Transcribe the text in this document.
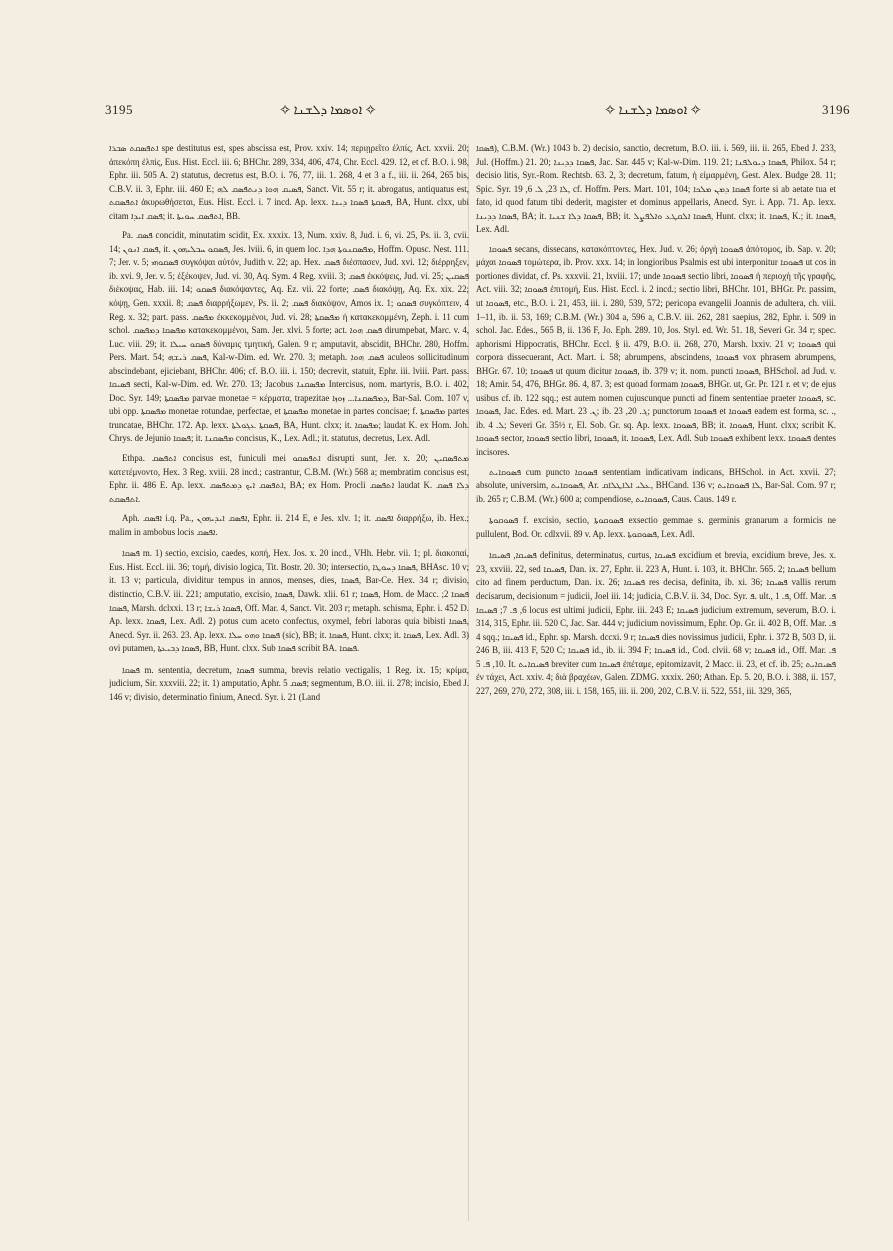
3195	✧ ܐܘܣܡܐ ܕܠܫܢܐ ✧	✧ ܐܘܣܡܐ ܕܠܫܢܐ ✧	3196

ܐܬܦܣܩܬ ܣܒܪܐ spe destitutus est, spes abscissa est, Prov. xxiv. 14; περιῃρεῖτο ἐλπίς, Act. xxvii. 20; ἀπεκόπη ἐλπίς, Eus. Hist. Eccl. iii. 6; BHChr. 289, 334, 406, 474, Chr. Eccl. 429. 12, et cf. B.O. i. 98, Ephr. iii. 505 A. 2) statutus, decretus est, B.O. i. 76, 77, iii. 1. 268, 4 et 3 a f., iii. ii. 264, 265 bis, C.B.V. ii. 3, Ephr. iii. 460 E; ܦܣܝܩ ܗܘܐ ܕܢܬܦܣܩ ܠܗ, Sanct. Vit. 55 r; it. abrogatus, antiquatus est, ܐܬܦܣܩܬ ἀκυρωθήσεται, Eus. Hist. Eccl. i. 7 incd. Ap. lexx. ܦܣܩܬܐ ܦܣܩܐ ܕܝܢܐ, BA, Hunt. clxx, ubi citam ܦܣܩ ܐܝܕܐ; it. ܐܬܦܣܩ ܚܘܝܬܐ, BB.

Pa. ܦܣܩ concidit, minutatim scidit, Ex. xxxix. 13, Num. xxiv. 8, Jud. i. 6, vi. 25, Ps. ii. 3, cvii. 14; ܦܣܩ ܐܢܘܢ, it. ܦܣܩܘ ܚܒܠܝܗܘܢ, Jes. lviii. 6, in quem loc. ܡܦܣܩܢܘܬܐ ܗܕܐ, Hoffm. Opusc. Nest. 111. 7; Jer. v. 5; ܦܣܩܘܗܝ συγκόψαι αὐτόν, Judith v. 22; ap. Hex. ܦܣܩ διέσπασεν, Jud. xvi. 12; διέρρηξεν, ib. xvi. 9, Jer. v. 5; ἐξέκοψεν, Jud. vi. 30, Aq. Sym. 4 Reg. xviii. 3; ܦܣܩ ἐκκόψεις, Jud. vi. 25; ܦܣܩܝܢ διέκοψας, Hab. iii. 14; ܦܣܩܘ διακόψαντες, Aq. Ez. vii. 22 forte; ܦܣܩ διακόψῃ, Aq. Ex. xix. 22; κόψῃ, Gen. xxxii. 8; ܦܣܩ διαρρήξωμεν, Ps. ii. 2; ܦܣܩ διακόψον, Amos ix. 1; ܦܣܩܘ συγκόπτειν, 4 Reg. x. 32; part. pass. ܡܦܣܩ ἐκκεκομμένοι, Jud. vi. 28; ܡܦܣܩܬܐ ἡ κατακεκομμένη, Zeph. i. 11 cum schol. ܡܦܣܩܐ ܕܡܦܣܩ κατακεκομμένοι, Sam. Jer. xlvi. 5 forte; act. ܦܣܩ ܗܘܐ dirumpebat, Marc. v. 4, Luc. viii. 29; it. ܦܣܩܘ ܚܝܠܐ δύναμις τμητική, Galen. 9 r; amputavit, abscidit, BHChr. 280, Hoffm. Pers. Mart. 54; ܦܣܩ ܪܝܫܗ, Kal-w-Dim. ed. Wr. 270. 3; metaph. ܦܣܩ ܗܘܐ aculeos sollicitudinum abscindebant, ejiciebant, BHChr. 406; cf. B.O. iii. i. 150; decrevit, statuit, Ephr. iii. lviii. Part. pass. ܦܣܝܩܐ secti, Kal-w-Dim. ed. Wr. 270. 13; Jacobus ܡܦܣܩܢܐ Intercisus, nom. martyris, B.O. i. 402, Doc. Syr. 149; ܡܦܣܩܬܐ parvae monetae = κέρματα, trapezitae ܕܡܦܣܩܢܐ... ܙܘܙܐ, Bar-Sal. Com. 107 v, ubi opp. ܡܦܣܩܬܐ monetae rotundae, perfectae, et ܡܦܣܩܬܐ monetae in partes concisae; f. ܡܦܣܩܬܐ partes truncatae, BHChr. 172. Ap. lexx. ܦܣܩܬܐ ܥܓܘܠܬܐ, BA, Hunt. clxx; it. ܡܦܣܩܐ; laudat K. ex Hom. Joh. Chrys. de Jejunio ܦܣܩܐ; it. ܡܦܣܩܢܐ concisus, K., Lex. Adl.; it. statutus, decretus, Lex. Adl.

Ethpa. ܐܬܦܣܩ concisus est, funiculi mei ܐܬܦܣܩܘ disrupti sunt, Jer. x. 20; ܡܬܦܣܩܝܢ κατετέμνοντο, Hex. 3 Reg. xviii. 28 incd.; castrantur, C.B.M. (Wr.) 568 a; membratim concisus est, Ephr. ii. 486 E. Ap. lexx. ܐܬܦܣܩ ܐܝܟ ܕܡܬܦܣܩ, BA; ex Hom. Procli ܐܬܦܣܩ laudat K. ܕܠܐ ܦܣܩ ܐܬܦܣܩܬ.

Aph. ܐܦܣܩ i.q. Pa., ܐܦܣܩ ܐܝܕܝܗܘܢ, Ephr. ii. 214 E, e Jes. xlv. 1; it. ܐܦܣܩ διαρρήξω, ib. Hex.; malim in ambobus locis ܐܦܣܩ.

ܦܣܩܐ m. 1) sectio, excisio, caedes, κοπή, Hex. Jos. x. 20 incd., VHh. Hebr. vii. 1; pl. διακοπαί, Eus. Hist. Eccl. iii. 36; τομή, divisio logica, Tit. Bostr. 20. 30; intersectio, ܦܣܩܐ ܕܚܘܛܐ, BHAsc. 10 v; it. 13 v; particula, dividitur tempus in annos, menses, dies, ܦܣܩܐ, Bar-Ce. Hex. 34 r; divisio, distinctio, C.B.V. iii. 221; amputatio, excisio, ܦܣܩܐ, Dawk. xlii. 61 r; ܦܣܩܐ, Hom. de Macc. ܦܣܩܐ 2; ܦܣܩܐ, Marsh. dclxxi. 13 r; ܦܣܩܐ ܪܝܫܐ, Off. Mar. 4, Sanct. Vit. 203 r; metaph. schisma, Ephr. i. 452 D. Ap. lexx. ܦܣܩܐ, Lex. Adl. 2) potus cum aceto confectus, oxymel, febri laboras quia bibisti ܦܣܩܐ, Anecd. Syr. ii. 263. 23. Ap. lexx. ܦܣܩܐ ܘܗܘ ܚܠܐ (sic), BB; it. ܦܣܩܐ, Hunt. clxx; it. ܦܣܩܐ, Lex. Adl. 3) ovi putamen, ܦܣܩܐ ܕܒܝܥܬܐ, BB, Hunt. clxx. Sub ܦܣܩܐ scribit BA. ܦܣܩܐ.

ܦܣܩܐ m. sententia, decretum, ܦܣܩܐ summa, brevis relatio vectigalis, 1 Reg. ix. 15; κρίμα, judicium, Sir. xxxviii. 22; it. 1) amputatio, Aphr. ܦܣܩ 5; segmentum, B.O. iii. ii. 278; incisio, Ebed J. 146 v; divisio, determinatio finium, Anecd. Syr. i. 21 (Land

ܦܣܩܐ), C.B.M. (Wr.) 1043 b. 2) decisio, sanctio, decretum, B.O. iii. i. 569, iii. ii. 265, Ebed J. 233, Jul. (Hoffm.) 21. 20; ܦܣܩܐ ܕܕܝܢܐ, Jac. Sar. 445 v; Kal-w-Dim. 119. 21; ܦܣܩܐ ܕܝܘܠܦܢܐ, Philox. 54 r; decisio litis, Syr.-Rom. Rechtsb. 63. 2, 3; decretum, fatum, ἡ εἱμαρμένη, Gest. Alex. Budge 28. 11; Spic. Syr. ܠܐ 23, ܠ. 6, 19, cf. Hoffm. Pers. Mart. 101, 104; ܦܣܩܐ ܕܡܢ ܡܠܟܐ forte si ab aetate tua et fato, id quod fatum tibi dederit, magister et dominus appellaris, Anecd. Syr. i. App. 71. Ap. lexx. ܦܣܩܐ ܕܕܝܢܐ, BA; it. ܦܣܩܐ ܕܠܐ ܫܢܝܐ, BB; it. ܦܣܩܐ ܐܠܩܛܥ ܘܐܠܦܨܠ, Hunt. clxx; it. ܦܣܩܐ, K.; it. ܦܣܩܐ, Lex. Adl.

ܦܣܘܩܐ secans, dissecans, κατακόπτοντες, Hex. Jud. v. 26; ὀργὴ ܦܣܘܩܐ ἀπότομος, ib. Sap. v. 20; μάχαι ܦܣܘܩܐ τομώτερα, ib. Prov. xxx. 14; in longioribus Psalmis est ubi interponitur ܦܣܘܩܐ ut cos in portiones dividat, cf. Ps. xxxvii. 21, lxviii. 17; unde ܦܣܘܩܐ sectio libri, ܦܣܘܩܐ ἡ περιοχὴ τῆς γραφῆς, Act. viii. 32; ܦܣܘܩܐ ἐπιτομή, Eus. Hist. Eccl. i. 2 incd.; sectio libri, BHChr. 101, BHGr. Pr. passim, ut ܦܣܘܩܐ, etc., B.O. i. 21, 453, iii. i. 280, 539, 572; pericopa evangelii Joannis de adultera, ch. viii. 1–11, ib. ii. 53, 169; C.B.M. (Wr.) 304 a, 596 a, C.B.V. iii. 262, 281 saepius, 282, Ephr. i. 509 in schol. Jac. Edes., 565 B, ii. 136 F, Jo. Eph. 289. 10, Jos. Styl. ed. Wr. 51. 18, Severi Gr. 34 r; spec. aphorismi Hippocratis, BHChr. Eccl. § ii. 479, B.O. ii. 268, 270, Marsh. lxxiv. 21 v; ܦܣܘܩܐ qui corpora dissecuerant, Act. Mart. i. 58; abrumpens, abscindens, ܦܣܘܩܐ vox phrasem abrumpens, BHGr. 67. 10; ܦܣܘܩܐ ut quum dicitur ܦܣܘܩܐ, ib. 379 v; it. nom. puncti ܦܣܘܩܐ, BHSchol. ad Jud. v. 18; Amir. 54, 476, BHGr. 86. 4, 87. 3; est quoad formam ܦܣܘܩܐ, BHGr. ut, Gr. Pr. 121 r. et v; de ejus usibus cf. ib. 122 sqq.; est autem nomen cujuscunque puncti ad finem sententiae praeter ܦܣܘܩܐ, sc. ܦܣܘܩܐ, Jac. Edes. ed. Mart. ܢ. 23; ib. ܓ. 20, 23; punctorum ܦܣܘܩܐ et ܦܣܘܩܐ eadem est forma, sc. ., ib. ܠ. 4; Severi Gr. 35½ r, El. Sob. Gr. sq. Ap. lexx. ܦܣܘܩܐ, BB; it. ܦܣܘܩܐ, Hunt. clxx; scribit K. ܦܣܘܩܐ sector, ܦܣܘܩܐ sectio libri, ܦܣܘܩܐ, it. ܦܣܘܩܐ, Lex. Adl. Sub ܦܣܘܩܐ exhibent lexx. ܦܣܘܩܐ dentes incisores.

ܦܣܘܩܐܝܬ cum puncto ܦܣܘܩܐ sententiam indicativam indicans, BHSchol. in Act. xxvii. 27; absolute, universim, ܦܣܘܩܐܝܬ, Ar. ܥܠܝ ܐܠܐܛܠܐܩ, BHCand. 136 v; ܠܐ ܦܣܘܩܐܝܬ, Bar-Sal. Com. 97 r; ib. 265 r; C.B.M. (Wr.) 600 a; compendiose, ܦܣܘܩܐܝܬ, Caus. Caus. 149 r.

ܦܣܘܩܘܬܐ f. excisio, sectio, ܦܣܘܩܘܬܐ exsectio gemmae s. germinis granarum a formicis ne pullulent, Bod. Or. cdlxvii. 89 v. Ap. lexx. ܦܣܘܩܘܬܐ, Lex. Adl.

ܦܣܝܩܐ, ܦܣܝܩܐ definitus, determinatus, curtus, ܦܣܝܩܐ excidium et brevia, excidium breve, Jes. x. 23, xxviii. 22, sed ܦܣܝܩܐ, Dan. ix. 27, Ephr. ii. 223 A, Hunt. i. 103, it. BHChr. 565. 2; ܦܣܝܩܐ bellum cito ad finem perductum, Dan. ix. 26; ܦܣܝܩܐ res decisa, definita, ib. xi. 36; ܦܣܝܩܐ vallis rerum decisarum, decisionum = judicii, Joel iii. 14; judicia, C.B.V. ii. 34, Doc. Syr. ܦ. ult., ܦ. 1, Off. Mar. ܦ. 6, ܦ. 7; ܦܣܝܩܐ locus est ultimi judicii, Ephr. iii. 243 E; ܦܣܝܩܐ judicium extremum, severum, B.O. i. 314, 315, Ephr. iii. 520 C, Jac. Sar. 444 v; judicium novissimum, Ephr. Op. Gr. ii. 402 B, Off. Mar. ܦ. 4 sqq.; ܦܣܝܩܐ id., Ephr. sp. Marsh. dccxi. 9 r; ܦܣܝܩܐ dies novissimus judicii, Ephr. i. 372 B, 503 D, ii. 246 B, iii. 413 F, 520 C; ܦܣܝܩܐ id., ib. ii. 394 F; ܦܣܝܩܐ id., Cod. clvii. 68 v; ܦܣܝܩܐ id., Off. Mar. ܦ. 10, ܦ. 5. It. ܦܣܝܩܐܝܬ breviter cum ܦܣܝܩܐ ἐπέταμε, epitomizavit, 2 Macc. ii. 23, et cf. ib. 25; ܦܣܝܩܐܝܬ ἐν τάχει, Act. xxiv. 4; διὰ βραχέων, Galen. ZDMG. xxxix. 260; Athan. Ep. 5. 20, B.O. i. 388, ii. 157, 227, 269, 270, 272, 308, iii. i. 158, 165, iii. ii. 200, 202, C.B.V. ii. 522, 551, iii. 329, 365,
